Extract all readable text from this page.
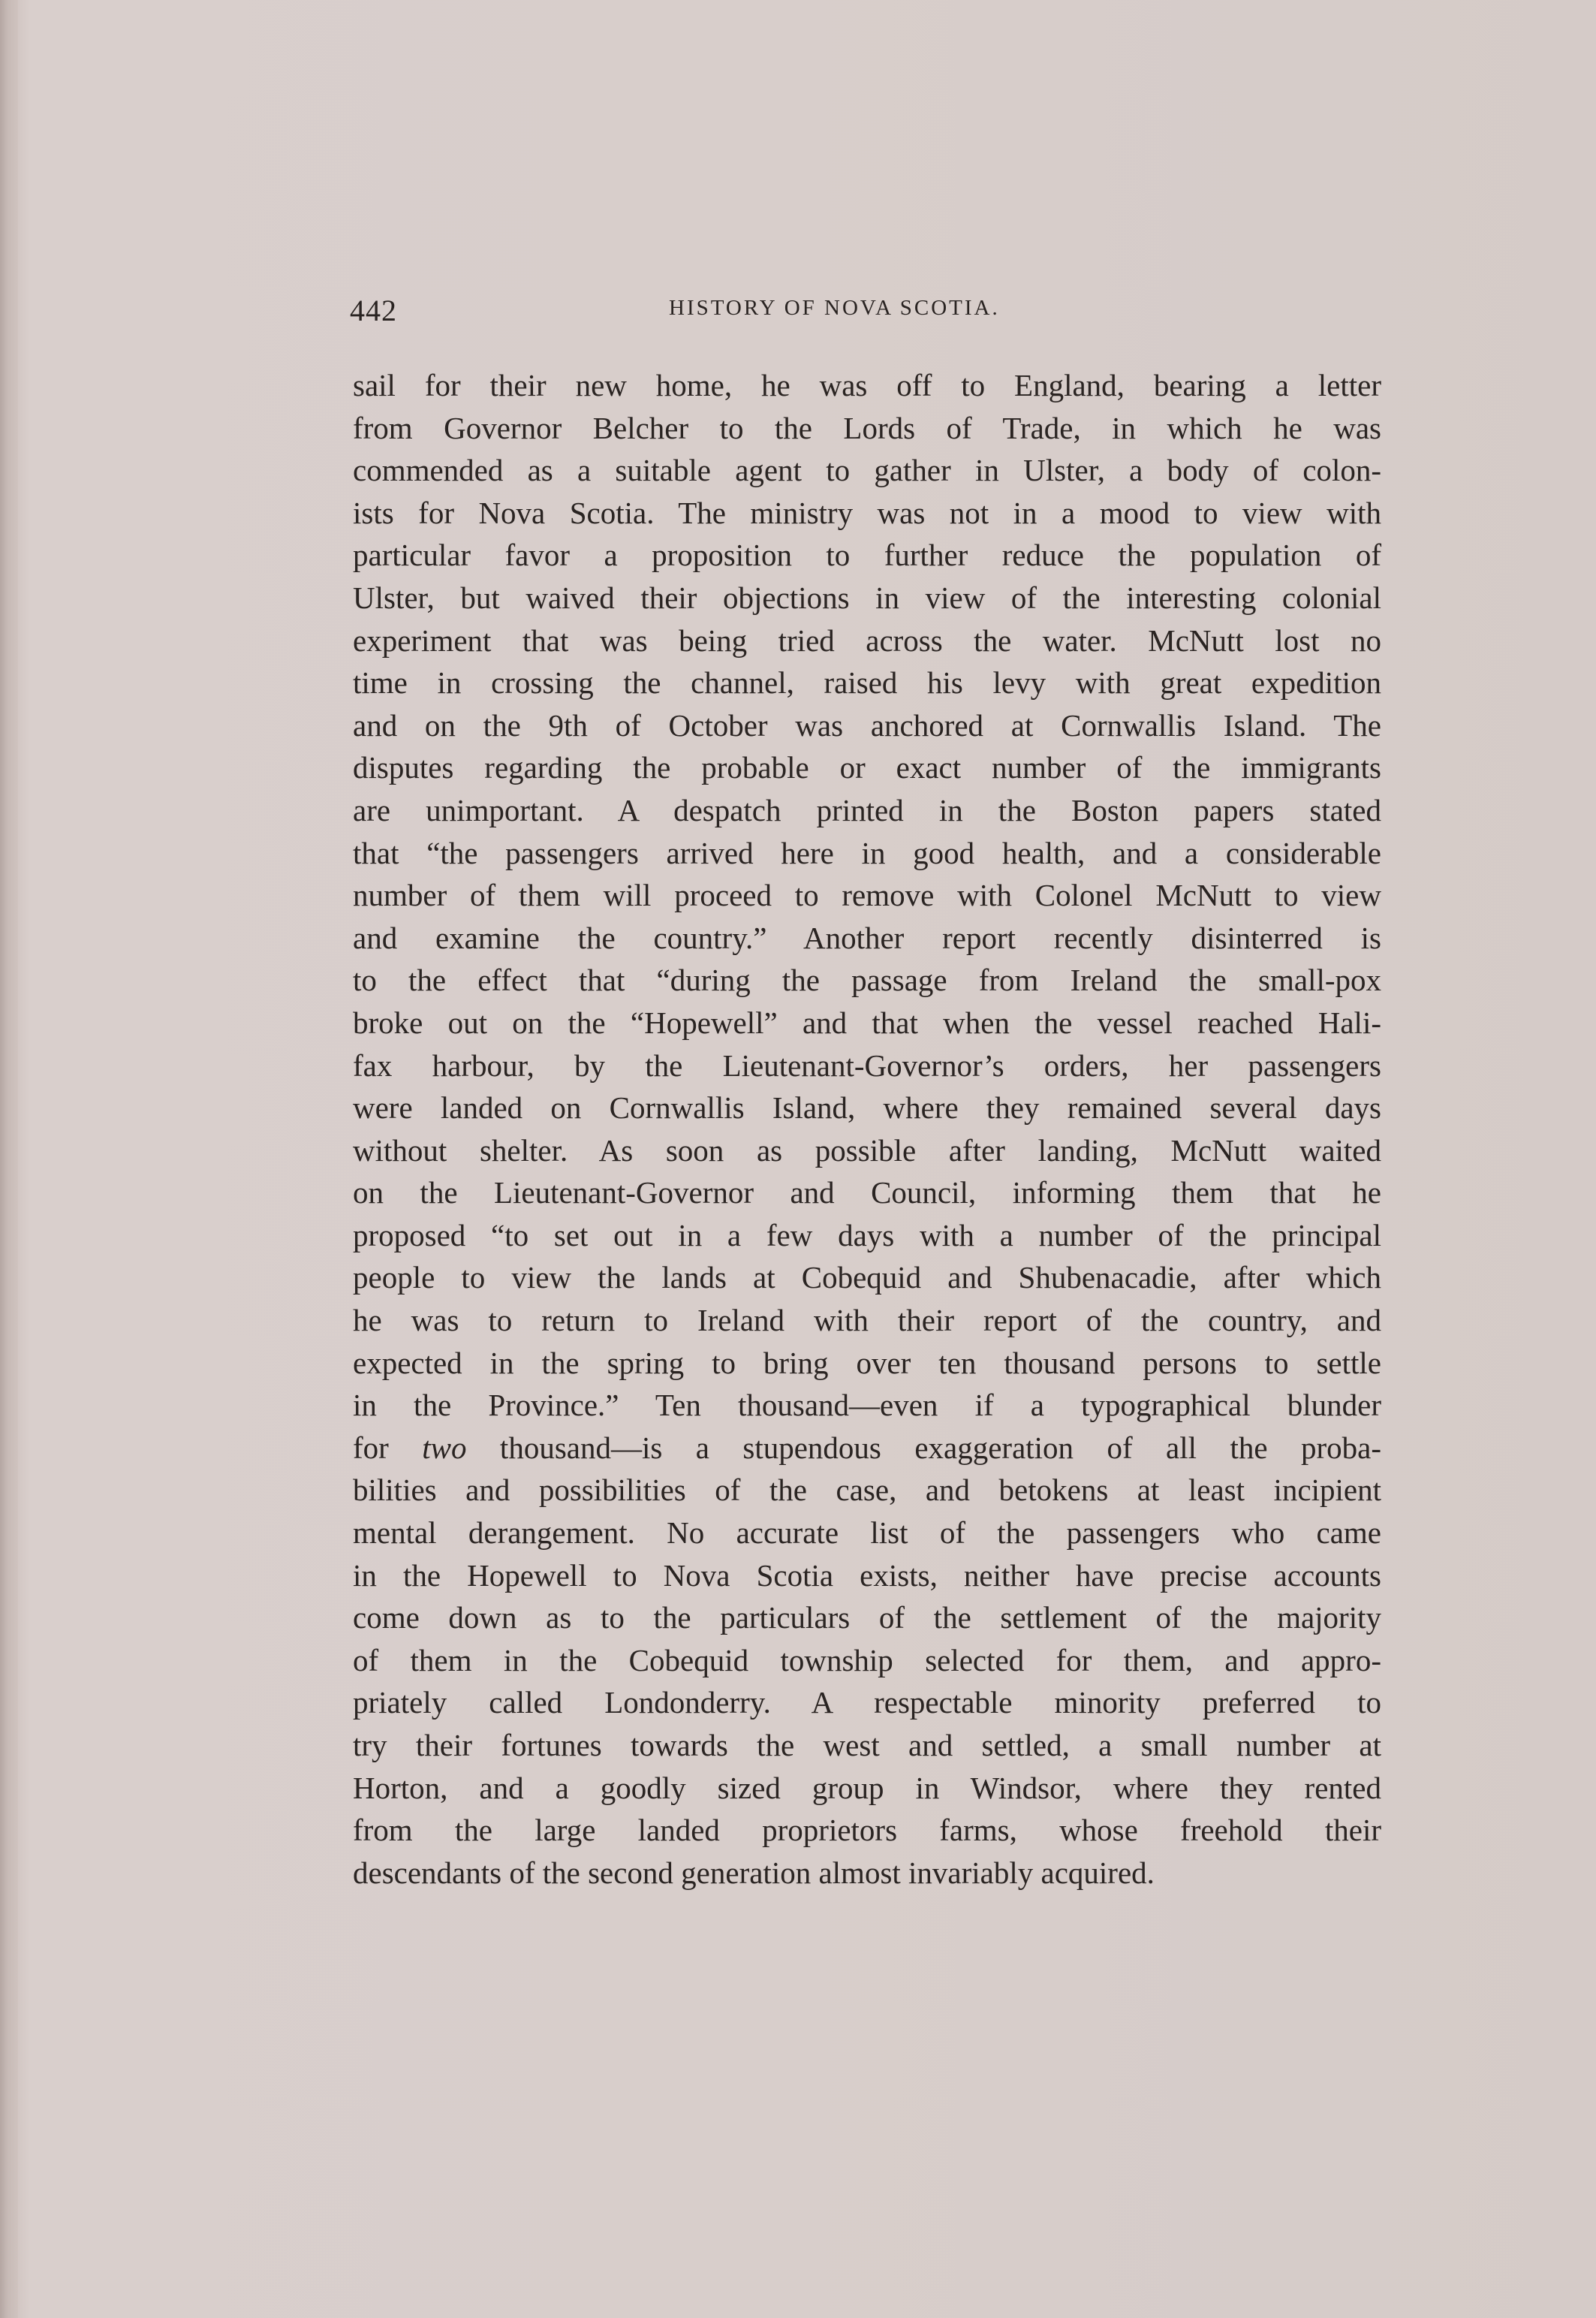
442	HISTORY OF NOVA SCOTIA.
sail for their new home, he was off to England, bearing a letter
from Governor Belcher to the Lords of Trade, in which he was
commended as a suitable agent to gather in Ulster, a body of colon-
ists for Nova Scotia. The ministry was not in a mood to view with
particular favor a proposition to further reduce the population of
Ulster, but waived their objections in view of the interesting colonial
experiment that was being tried across the water. McNutt lost no
time in crossing the channel, raised his levy with great expedition
and on the 9th of October was anchored at Cornwallis Island. The
disputes regarding the probable or exact number of the immigrants
are unimportant. A despatch printed in the Boston papers stated
that “the passengers arrived here in good health, and a considerable
number of them will proceed to remove with Colonel McNutt to view
and examine the country.” Another report recently disinterred is
to the effect that “during the passage from Ireland the small-pox
broke out on the “Hopewell” and that when the vessel reached Hali-
fax harbour, by the Lieutenant-Governor’s orders, her passengers
were landed on Cornwallis Island, where they remained several days
without shelter. As soon as possible after landing, McNutt waited
on the Lieutenant-Governor and Council, informing them that he
proposed “to set out in a few days with a number of the principal
people to view the lands at Cobequid and Shubenacadie, after which
he was to return to Ireland with their report of the country, and
expected in the spring to bring over ten thousand persons to settle
in the Province.” Ten thousand—even if a typographical blunder
for two thousand—is a stupendous exaggeration of all the proba-
bilities and possibilities of the case, and betokens at least incipient
mental derangement. No accurate list of the passengers who came
in the Hopewell to Nova Scotia exists, neither have precise accounts
come down as to the particulars of the settlement of the majority
of them in the Cobequid township selected for them, and appro-
priately called Londonderry. A respectable minority preferred to
try their fortunes towards the west and settled, a small number at
Horton, and a goodly sized group in Windsor, where they rented
from the large landed proprietors farms, whose freehold their
descendants of the second generation almost invariably acquired.
